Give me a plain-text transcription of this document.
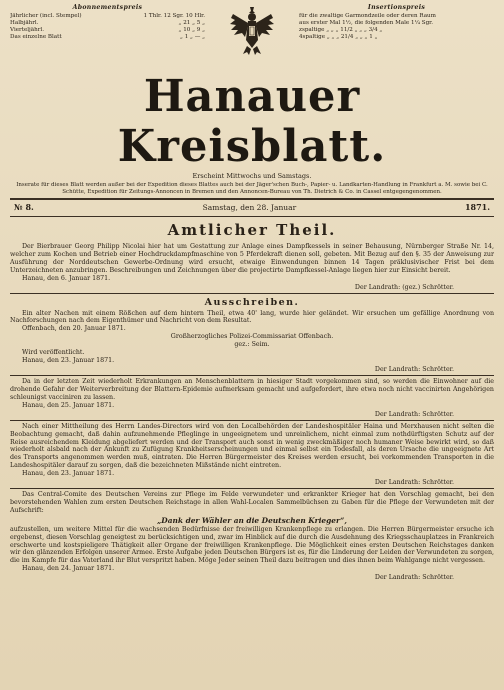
Abonnementspreis
Jährlicher (incl. Stempel)	1 Thlr. 12 Sgr. 10 Hlr.
Halbjährl.	„ 21 „ 5 „
Vierteljährl.	„ 10 „ 9 „
Das einzelne Blatt	„ 1 „ — „
Insertionspreis
für die zwaltige Garmondzeile oder deren Raum
aus erster Mal 1½, die folgenden Male 1¼ Sgr.
zspaltige „ „ „ 11/2 „ „ „ 3/4 „
4spaltige „ „ „ 21/4 „ „ „ 1 „
Hanauer Kreisblatt.
Erscheint Mittwochs und Samstags.
Inserate für dieses Blatt werden außer bei der Expedition dieses Blattes auch bei der Jäger'schen Buch-, Papier- u. Landkarten-Handlung in Frankfurt a. M. sowie bei C. Schütte, Expedition für Zeitungs-Annoncen in Bremen und den Annoncen-Bureau von Th. Dietrich & Co. in Cassel entgegengenommen.
№ 8.	Samstag, den 28. Januar	1871.
Amtlicher Theil.

Der Bierbrauer Georg Philipp Nicolai hier hat um Gestattung zur Anlage eines Dampfkessels in seiner Behausung, Nürnberger Straße Nr. 14, welcher zum Kochen und Betrieb einer Hochdruckdampfmaschine von 5 Pferdekraft dienen soll, gebeten. Mit Bezug auf den §. 35 der Anweisung zur Ausführung der Norddeutschen Gewerbe-Ordnung wird ersucht, etwaige Einwendungen binnen 14 Tagen präklusivischer Frist bei dem Unterzeichneten anzubringen. Beschreibungen und Zeichnungen über die projectirte Dampfkessel-Anlage liegen hier zur Einsicht bereit.

Hanau, den 6. Januar 1871.

Der Landrath: (gez.) Schrötter.
Ausschreiben.

Ein alter Nachen mit einem Rößchen auf dem hintern Theil, etwa 40' lang, wurde hier geländet. Wir ersuchen um gefällige Anordnung von Nachforschungen nach dem Eigenthümer und Nachricht von dem Resultat.

Offenbach, den 20. Januar 1871.

Großherzogliches Polizei-Commissariat Offenbach.
gez.: Seim.

Wird veröffentlicht.

Hanau, den 23. Januar 1871.

Der Landrath: Schrötter.

Da in der letzten Zeit wiederholt Erkrankungen an Menschenblattern in hiesiger Stadt vorgekommen sind, so werden die Einwohner auf die drohende Gefahr der Weiterverbreitung der Blattern-Epidemie aufmerksam gemacht und aufgefordert, ihre etwa noch nicht vaccinirten Angehörigen schleunigst vacciniren zu lassen.

Hanau, den 25. Januar 1871.

Der Landrath: Schrötter.

Nach einer Mittheilung des Herrn Landes-Directors wird von den Localbehörden der Landeshospitäler Haina und Merxhausen nicht selten die Beobachtung gemacht, daß dahin aufzunehmende Pfleglinge in ungeeignetem und unreinlichem, nicht einmal zum nothdürftigsten Schutz auf der Reise ausreichendem Kleidung abgeliefert werden und der Transport auch sonst in wenig zweckmäßiger noch humaner Weise bewirkt wird, so daß wiederholt alsbald nach der Ankunft zu Zufügung Krankheitserscheinungen und einmal selbst ein Todesfall, als deren Ursache die ungeeignete Art des Transports angenommen werden muß, eintraten. Die Herren Bürgermeister des Kreises werden ersucht, bei vorkommenden Transporten in die Landeshospitäler darauf zu sorgen, daß die bezeichneten Mißstände nicht eintreten.

Hanau, den 23. Januar 1871.

Der Landrath: Schrötter.

Das Central-Comite des Deutschen Vereins zur Pflege im Felde verwundeter und erkrankter Krieger hat den Vorschlag gemacht, bei den bevorstehenden Wahlen zum ersten Deutschen Reichstage in allen Wahl-Localen Sammelbüchsen zu Gaben für die Pflege der Verwundeten mit der Aufschrift:

„Dank der Wähler an die Deutschen Krieger“,

aufzustellen, um weitere Mittel für die wachsenden Bedürfnisse der freiwilligen Krankenpflege zu erlangen. Die Herren Bürgermeister ersuche ich ergebenst, diesen Vorschlag geneigtest zu berücksichtigen und, zwar im Hinblick auf die durch die Ausdehnung des Kriegsschauplatzes in Frankreich erschwerte und kostspieligere Thätigkeit aller Organe der freiwilligen Krankenpflege. Die Möglichkeit eines ersten Deutschen Reichstages danken wir den glänzenden Erfolgen unserer Armee. Erste Aufgabe jeden Deutschen Bürgers ist es, für die Linderung der Leiden der Verwundeten zu sorgen, die im Kampfe für das Vaterland ihr Blut verspritzt haben. Möge Jeder seinen Theil dazu beitragen und dies ihnen beim Wahlgange nicht vergessen.

Hanau, den 24. Januar 1871.

Der Landrath: Schrötter.
